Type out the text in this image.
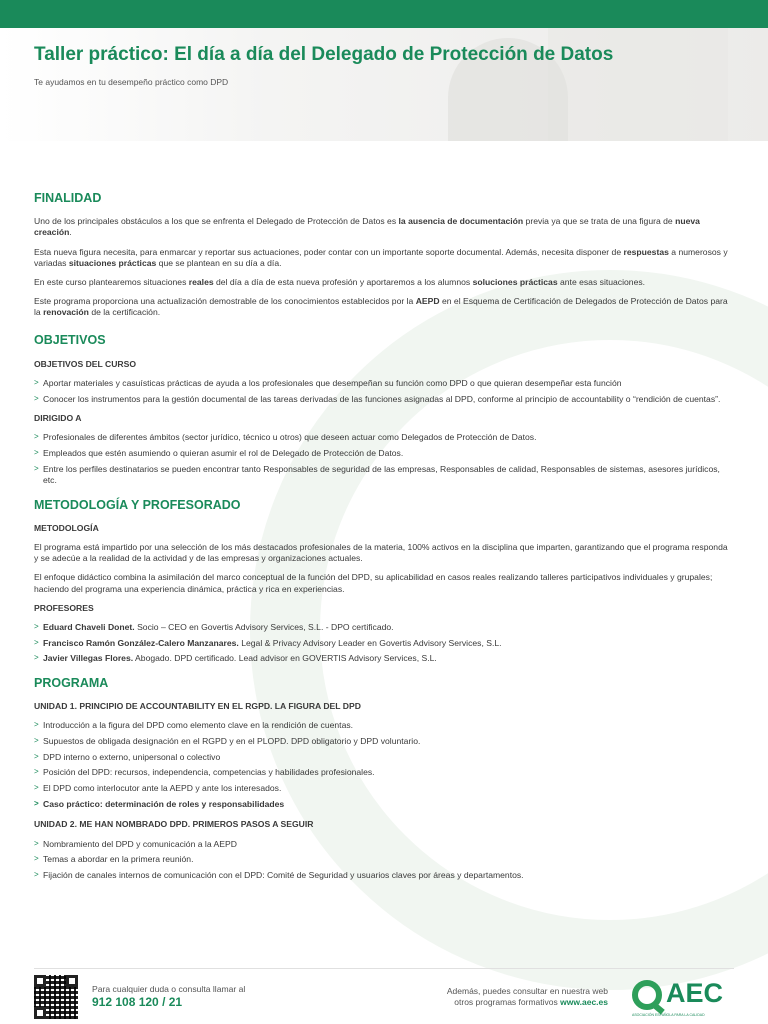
Taller práctico: El día a día del Delegado de Protección de Datos
Te ayudamos en tu desempeño práctico como DPD
FINALIDAD
Uno de los principales obstáculos a los que se enfrenta el Delegado de Protección de Datos es la ausencia de documentación previa ya que se trata de una figura de nueva creación.
Esta nueva figura necesita, para enmarcar y reportar sus actuaciones, poder contar con un importante soporte documental. Además, necesita disponer de respuestas a numerosos y variadas situaciones prácticas que se plantean en su día a día.
En este curso plantearemos situaciones reales del día a día de esta nueva profesión y aportaremos a los alumnos soluciones prácticas ante esas situaciones.
Este programa proporciona una actualización demostrable de los conocimientos establecidos por la AEPD en el Esquema de Certificación de Delegados de Protección de Datos para la renovación de la certificación.
OBJETIVOS
OBJETIVOS DEL CURSO
> Aportar materiales y casuísticas prácticas de ayuda a los profesionales que desempeñan su función como DPD o que quieran desempeñar esta función
> Conocer los instrumentos para la gestión documental de las tareas derivadas de las funciones asignadas al DPD, conforme al principio de accountability o “rendición de cuentas”.
DIRIGIDO A
> Profesionales de diferentes ámbitos (sector jurídico, técnico u otros) que deseen actuar como Delegados de Protección de Datos.
> Empleados que estén asumiendo o quieran asumir el rol de Delegado de Protección de Datos.
> Entre los perfiles destinatarios se pueden encontrar tanto Responsables de seguridad de las empresas, Responsables de calidad, Responsables de sistemas, asesores jurídicos, etc.
METODOLOGÍA Y PROFESORADO
METODOLOGÍA
El programa está impartido por una selección de los más destacados profesionales de la materia, 100% activos en la disciplina que imparten, garantizando que el programa responda y se adecúe a la realidad de la actividad y de las empresas y organizaciones actuales.
El enfoque didáctico combina la asimilación del marco conceptual de la función del DPD, su aplicabilidad en casos reales realizando talleres participativos individuales y grupales; haciendo del programa una experiencia dinámica, práctica y rica en experiencias.
PROFESORES
> Eduard Chaveli Donet. Socio – CEO en Govertis Advisory Services, S.L. - DPO certificado.
> Francisco Ramón González-Calero Manzanares. Legal & Privacy Advisory Leader en Govertis Advisory Services, S.L.
> Javier Villegas Flores. Abogado. DPD certificado. Lead advisor en GOVERTIS Advisory Services, S.L.
PROGRAMA
UNIDAD 1. PRINCIPIO DE ACCOUNTABILITY EN EL RGPD. LA FIGURA DEL DPD
> Introducción a la figura del DPD como elemento clave en la rendición de cuentas.
> Supuestos de obligada designación en el RGPD y en el PLOPD. DPD obligatorio y DPD voluntario.
> DPD interno o externo, unipersonal o colectivo
> Posición del DPD: recursos, independencia, competencias y habilidades profesionales.
> El DPD como interlocutor ante la AEPD y ante los interesados.
> Caso práctico: determinación de roles y responsabilidades
UNIDAD 2. ME HAN NOMBRADO DPD. PRIMEROS PASOS A SEGUIR
> Nombramiento del DPD y comunicación a la AEPD
> Temas a abordar en la primera reunión.
> Fijación de canales internos de comunicación con el DPD: Comité de Seguridad y usuarios claves por áreas y departamentos.
Para cualquier duda o consulta llamar al
912 108 120 / 21
Además, puedes consultar en nuestra web
otros programas formativos www.aec.es AEC
ASOCIACIÓN ESPAÑOLA PARA LA CALIDAD
